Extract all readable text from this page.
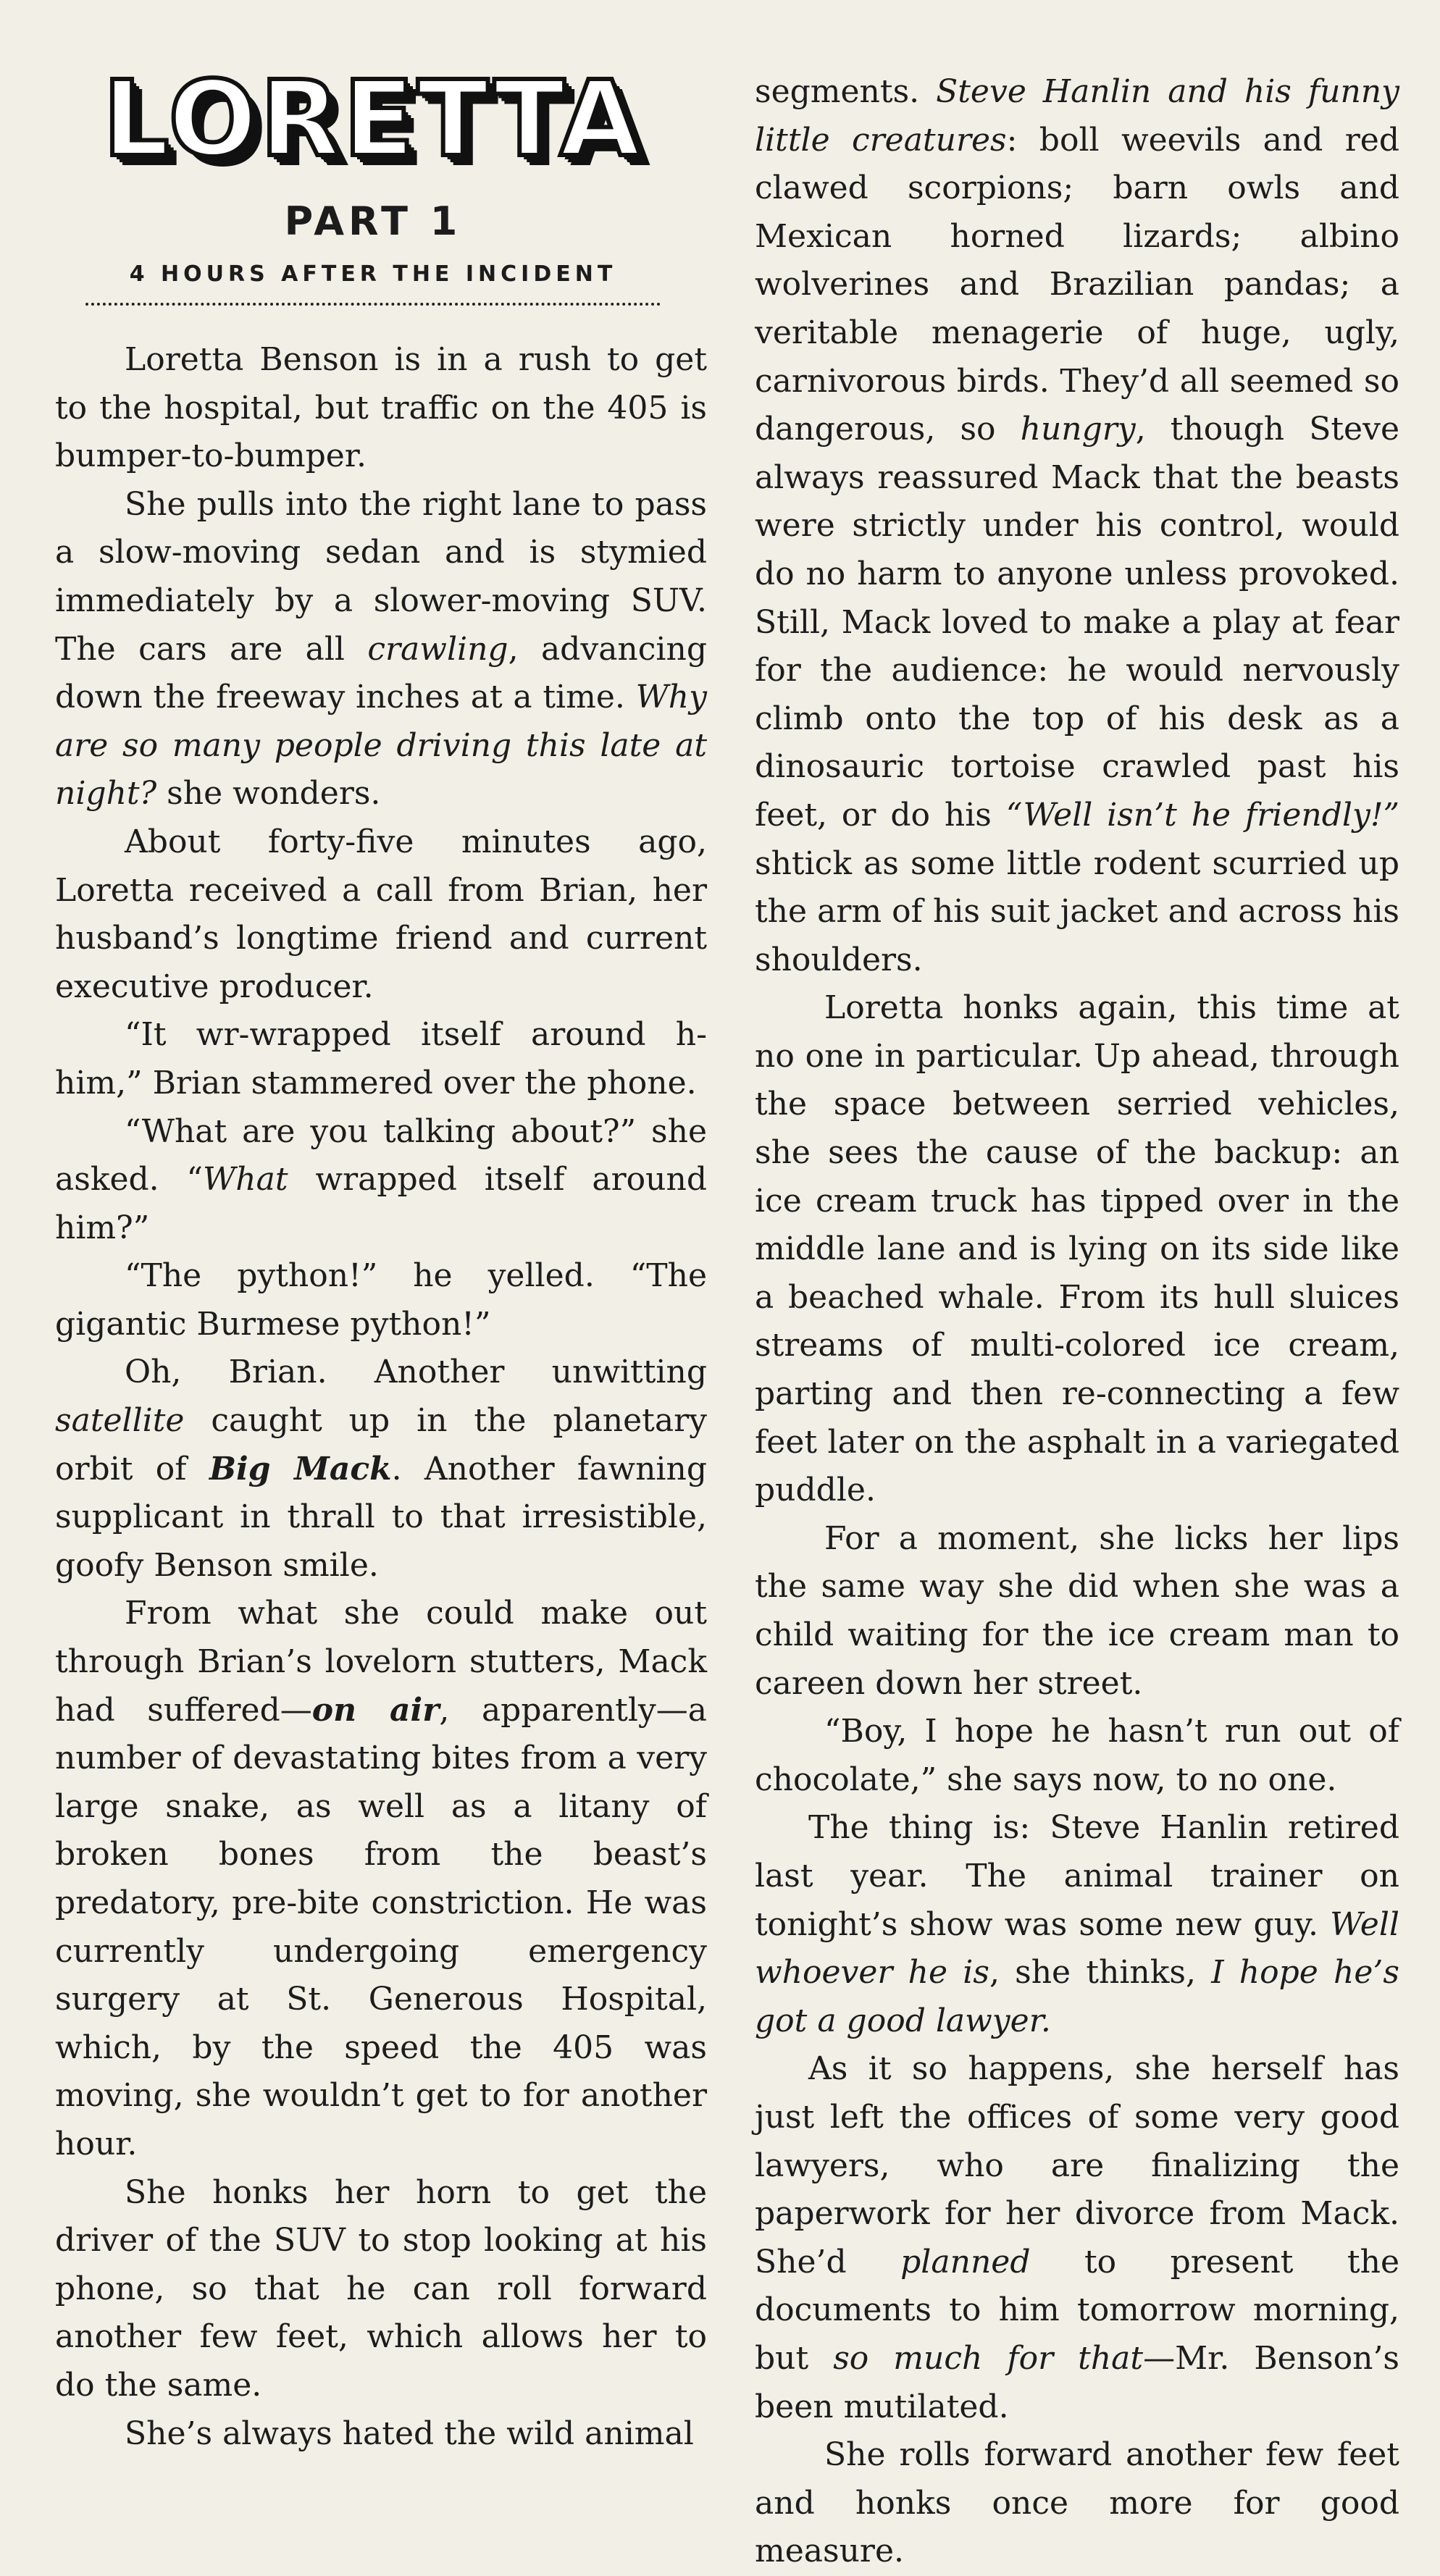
LORETTA
PART 1
4 HOURS AFTER THE INCIDENT

Loretta Benson is in a rush to get to the hospital, but traffic on the 405 is bumper-to-bumper.

She pulls into the right lane to pass a slow-moving sedan and is stymied immediately by a slower-moving SUV. The cars are all crawling, advancing down the freeway inches at a time. Why are so many people driving this late at night? she wonders.

About forty-five minutes ago, Loretta received a call from Brian, her husband’s longtime friend and current executive producer.

“It wr-wrapped itself around h-him,” Brian stammered over the phone.

“What are you talking about?” she asked. “What wrapped itself around him?”

“The python!” he yelled. “The gigantic Burmese python!”

Oh, Brian. Another unwitting satellite caught up in the planetary orbit of Big Mack. Another fawning supplicant in thrall to that irresistible, goofy Benson smile.

From what she could make out through Brian’s lovelorn stutters, Mack had suffered—on air, apparently—a number of devastating bites from a very large snake, as well as a litany of broken bones from the beast’s predatory, pre-bite constriction. He was currently undergoing emergency surgery at St. Generous Hospital, which, by the speed the 405 was moving, she wouldn’t get to for another hour.

She honks her horn to get the driver of the SUV to stop looking at his phone, so that he can roll forward another few feet, which allows her to do the same.

She’s always hated the wild animal

segments. Steve Hanlin and his funny little creatures: boll weevils and red clawed scorpions; barn owls and Mexican horned lizards; albino wolverines and Brazilian pandas; a veritable menagerie of huge, ugly, carnivorous birds. They’d all seemed so dangerous, so hungry, though Steve always reassured Mack that the beasts were strictly under his control, would do no harm to anyone unless provoked. Still, Mack loved to make a play at fear for the audience: he would nervously climb onto the top of his desk as a dinosauric tortoise crawled past his feet, or do his “Well isn’t he friendly!” shtick as some little rodent scurried up the arm of his suit jacket and across his shoulders.

Loretta honks again, this time at no one in particular. Up ahead, through the space between serried vehicles, she sees the cause of the backup: an ice cream truck has tipped over in the middle lane and is lying on its side like a beached whale. From its hull sluices streams of multi-colored ice cream, parting and then re-connecting a few feet later on the asphalt in a variegated puddle.

For a moment, she licks her lips the same way she did when she was a child waiting for the ice cream man to careen down her street.

“Boy, I hope he hasn’t run out of chocolate,” she says now, to no one.

The thing is: Steve Hanlin retired last year. The animal trainer on tonight’s show was some new guy. Well whoever he is, she thinks, I hope he’s got a good lawyer.

As it so happens, she herself has just left the offices of some very good lawyers, who are finalizing the paperwork for her divorce from Mack. She’d planned to present the documents to him tomorrow morning, but so much for that—Mr. Benson’s been mutilated.

She rolls forward another few feet and honks once more for good measure.
